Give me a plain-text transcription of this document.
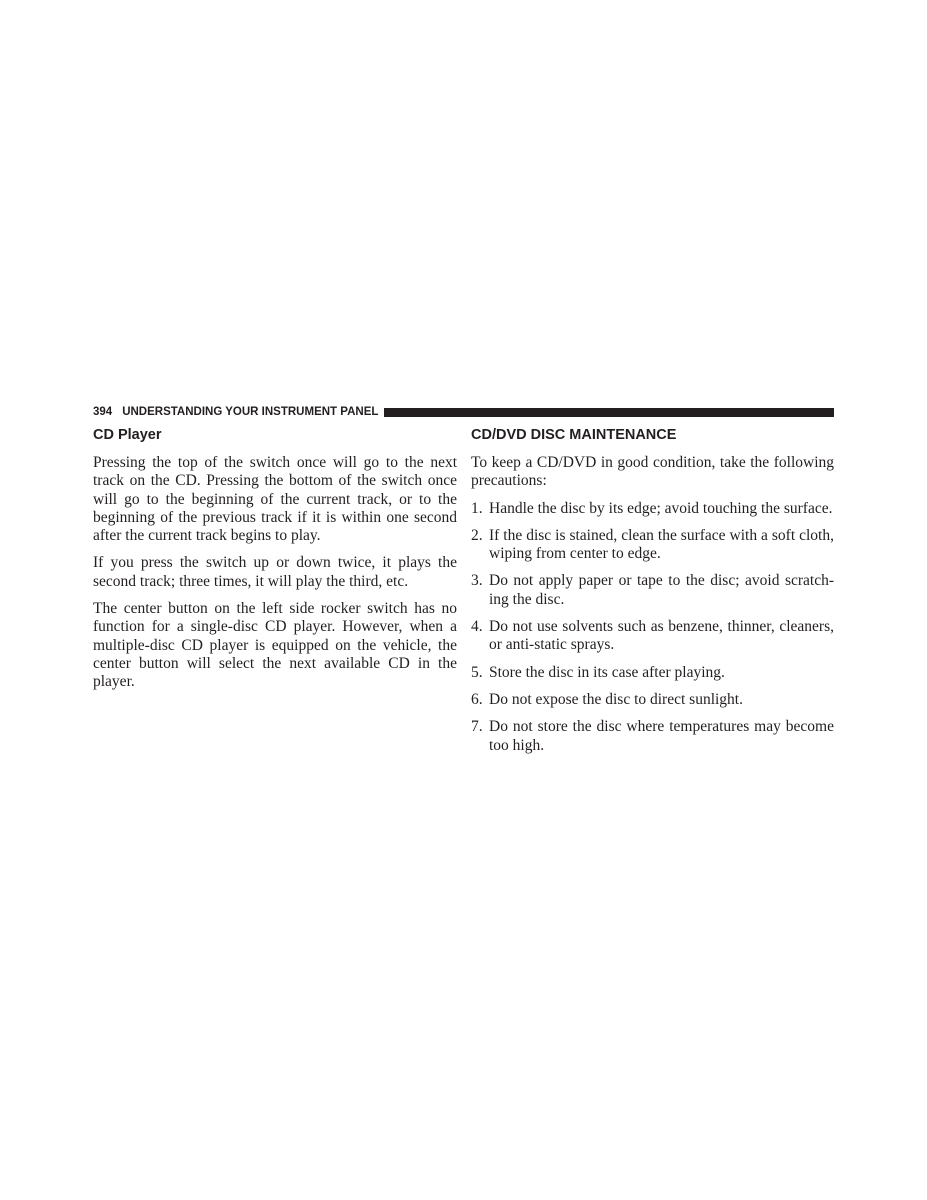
394 UNDERSTANDING YOUR INSTRUMENT PANEL
CD Player

Pressing the top of the switch once will go to the next track on the CD. Pressing the bottom of the switch once will go to the beginning of the current track, or to the beginning of the previous track if it is within one second after the current track begins to play.

If you press the switch up or down twice, it plays the second track; three times, it will play the third, etc.

The center button on the left side rocker switch has no function for a single-disc CD player. However, when a multiple-disc CD player is equipped on the vehicle, the center button will select the next available CD in the player.

CD/DVD DISC MAINTENANCE

To keep a CD/DVD in good condition, take the following precautions:

1. Handle the disc by its edge; avoid touching the surface.
2. If the disc is stained, clean the surface with a soft cloth, wiping from center to edge.
3. Do not apply paper or tape to the disc; avoid scratch-ing the disc.
4. Do not use solvents such as benzene, thinner, cleaners, or anti-static sprays.
5. Store the disc in its case after playing.
6. Do not expose the disc to direct sunlight.
7. Do not store the disc where temperatures may become too high.
